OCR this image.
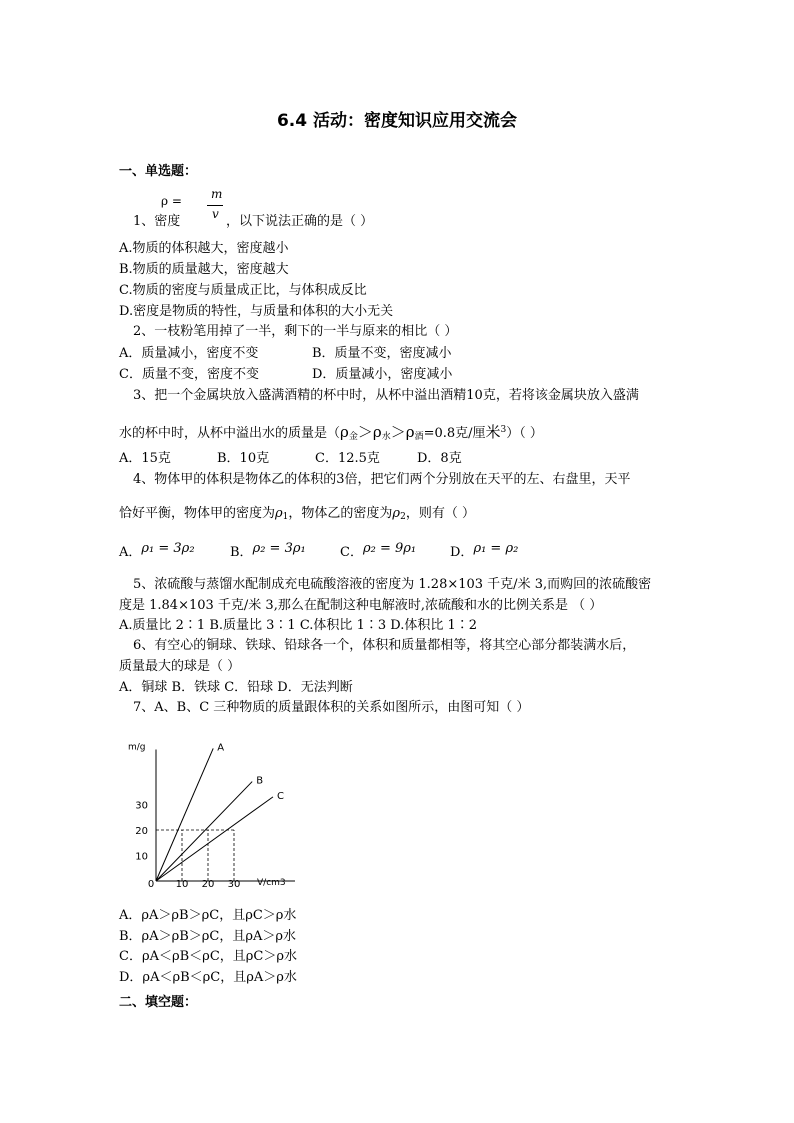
6.4 活动：密度知识应用交流会
一、单选题：
ρ = m
v
1、密度	，以下说法正确的是（ ）
A.物质的体积越大，密度越小
B.物质的质量越大，密度越大
C.物质的密度与质量成正比，与体积成反比
D.密度是物质的特性，与质量和体积的大小无关
2、一枝粉笔用掉了一半，剩下的一半与原来的相比（ ）
A．质量减小，密度不变	B．质量不变，密度减小
C．质量不变，密度不变	D．质量减小，密度减小
3、把一个金属块放入盛满酒精的杯中时，从杯中溢出酒精10克，若将该金属块放入盛满
水的杯中时，从杯中溢出水的质量是（$\rho_金>\rho_水>\rho_酒=0.8$克/厘米$^3$）（ ）
A．15克	B．10克	C．12.5克	D．8克
4、物体甲的体积是物体乙的体积的3倍，把它们两个分别放在天平的左、右盘里，天平
恰好平衡，物体甲的密度为$\rho_1$，物体乙的密度为$\rho_2$，则有（ ）
A．ρ₁ = 3ρ₂	B．ρ₂ = 3ρ₁	C．ρ₂ = 9ρ₁	D．ρ₁ = ρ₂
5、浓硫酸与蒸馏水配制成充电硫酸溶液的密度为 1.28×103 千克/米 3,而购回的浓硫酸密
度是 1.84×103 千克/米 3,那么在配制这种电解液时,浓硫酸和水的比例关系是 （ ）
A.质量比 2∶1 B.质量比 3∶1 C.体积比 1∶3 D.体积比 1∶2
6、有空心的铜球、铁球、铅球各一个，体积和质量都相等，将其空心部分都装满水后，
质量最大的球是（ ）
A．铜球 B．铁球 C．铅球 D．无法判断
7、A、B、C 三种物质的质量跟体积的关系如图所示，由图可知（ ）
m/g
V/cm3
0 10 20 30
10
20
30
A
B
C
A．ρA＞ρB＞ρC，且ρC＞ρ水
B．ρA＞ρB＞ρC，且ρA＞ρ水
C．ρA＜ρB＜ρC，且ρC＞ρ水
D．ρA＜ρB＜ρC，且ρA＞ρ水
二、填空题：
